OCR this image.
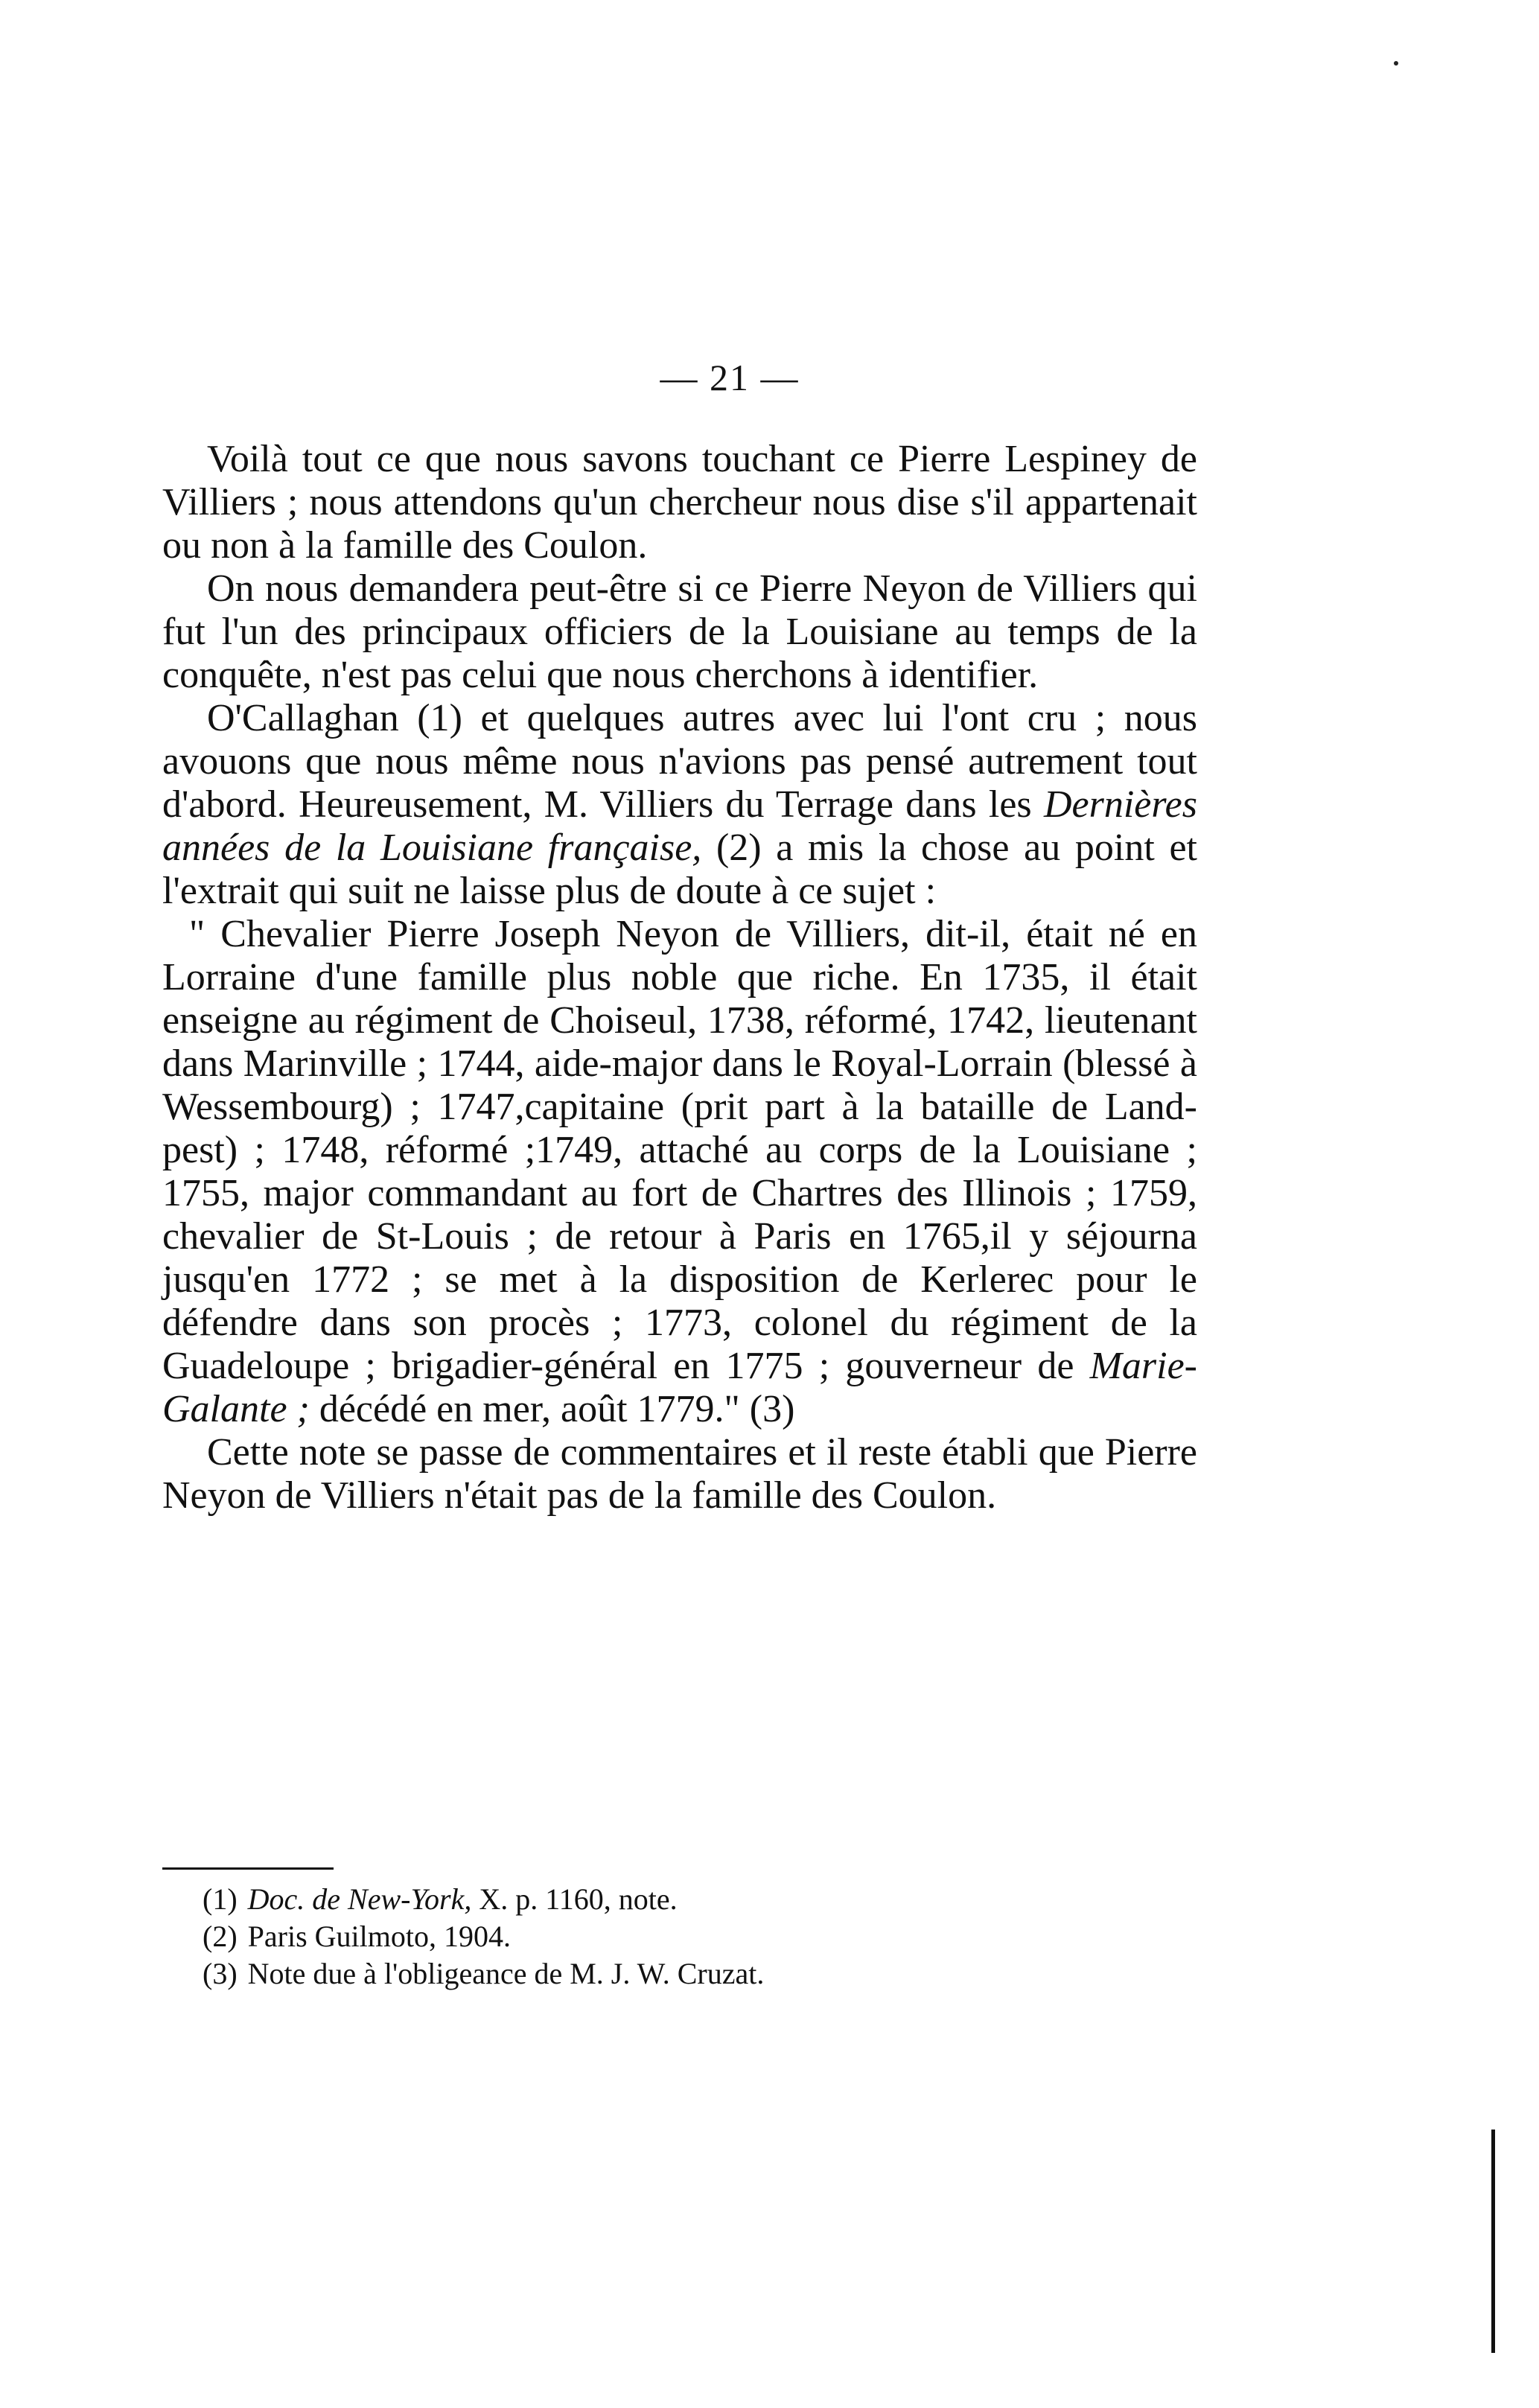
— 21 —

Voilà tout ce que nous savons touchant ce Pierre Lespiney de Villiers ; nous attendons qu'un chercheur nous dise s'il appartenait ou non à la famille des Coulon.

On nous demandera peut-être si ce Pierre Neyon de Villiers qui fut l'un des principaux officiers de la Louisiane au temps de la conquête, n'est pas celui que nous cherchons à identifier.

O'Callaghan (1) et quelques autres avec lui l'ont cru ; nous avouons que nous même nous n'avions pas pensé autrement tout d'abord. Heureusement, M. Villiers du Terrage dans les Dernières années de la Louisiane française, (2) a mis la chose au point et l'extrait qui suit ne laisse plus de doute à ce sujet :

" Chevalier Pierre Joseph Neyon de Villiers, dit-il, était né en Lorraine d'une famille plus noble que riche. En 1735, il était enseigne au régiment de Choiseul, 1738, réformé, 1742, lieutenant dans Marinville ; 1744, aide-major dans le Royal-Lorrain (blessé à Wessembourg) ; 1747,capitaine (prit part à la bataille de Land-pest) ; 1748, réformé ;1749, attaché au corps de la Louisiane ; 1755, major commandant au fort de Chartres des Illinois ; 1759, chevalier de St-Louis ; de retour à Paris en 1765,il y séjourna jusqu'en 1772 ; se met à la disposition de Kerlerec pour le défendre dans son procès ; 1773, colonel du régiment de la Guadeloupe ; brigadier-général en 1775 ; gouverneur de Marie-Galante ; décédé en mer, août 1779." (3)

Cette note se passe de commentaires et il reste établi que Pierre Neyon de Villiers n'était pas de la famille des Coulon.

(1) Doc. de New-York, X. p. 1160, note.

(2) Paris Guilmoto, 1904.

(3) Note due à l'obligeance de M. J. W. Cruzat.
